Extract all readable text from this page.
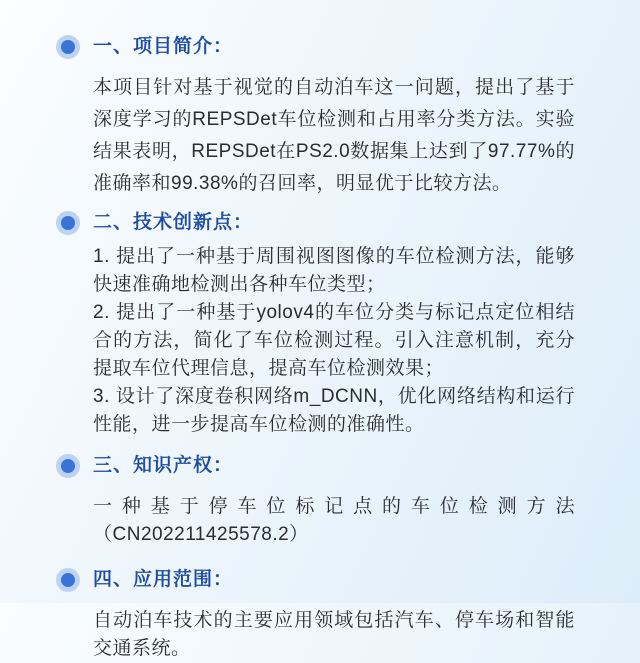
一、项目简介：

本项目针对基于视觉的自动泊车这一问题，提出了基于深度学习的REPSDet车位检测和占用率分类方法。实验结果表明，REPSDet在PS2.0数据集上达到了97.77%的准确率和99.38%的召回率，明显优于比较方法。

二、技术创新点：

1. 提出了一种基于周围视图图像的车位检测方法，能够快速准确地检测出各种车位类型；

2. 提出了一种基于yolov4的车位分类与标记点定位相结合的方法，简化了车位检测过程。引入注意机制，充分提取车位代理信息，提高车位检测效果；

3. 设计了深度卷积网络m_DCNN，优化网络结构和运行性能，进一步提高车位检测的准确性。

三、知识产权：

一种基于停车位标记点的车位检测方法（CN202211425578.2）

四、应用范围：

自动泊车技术的主要应用领域包括汽车、停车场和智能交通系统。
